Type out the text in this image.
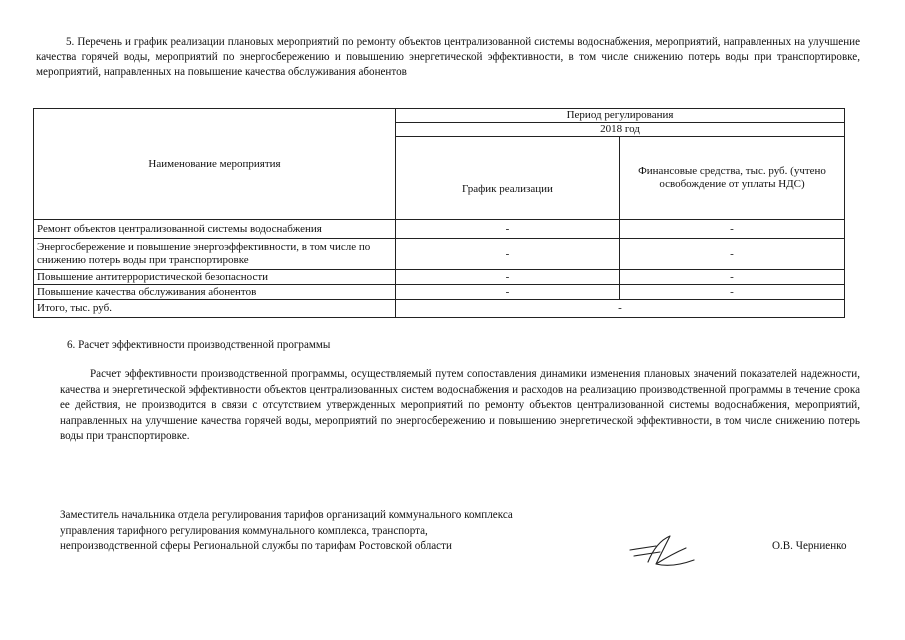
5. Перечень и график реализации плановых мероприятий по ремонту объектов централизованной системы водоснабжения, мероприятий, направленных на улучшение качества горячей воды, мероприятий по энергосбережению и повышению энергетической эффективности, в том числе снижению потерь воды при транспортировке, мероприятий, направленных на повышение качества обслуживания абонентов
Наименование мероприятия	Период регулирования	
	2018 год	
	График реализации	Финансовые средства, тыс. руб. (учтено освобождение от уплаты НДС)
Ремонт объектов централизованной системы водоснабжения	-	-
Энергосбережение и повышение энергоэффективности, в том числе по снижению потерь воды при транспортировке	-	-
Повышение антитеррористической безопасности	-	-
Повышение качества обслуживания абонентов	-	-
Итого, тыс. руб.	-	
6. Расчет эффективности производственной программы
Расчет эффективности производственной программы, осуществляемый путем сопоставления динамики изменения плановых значений показателей надежности, качества и энергетической эффективности объектов централизованных систем водоснабжения и расходов на реализацию производственной программы в течение срока ее действия, не производится в связи с отсутствием утвержденных мероприятий по ремонту объектов централизованной системы водоснабжения, мероприятий, направленных на улучшение качества горячей воды, мероприятий по энергосбережению и повышению энергетической эффективности, в том числе снижению потерь воды при транспортировке.
Заместитель начальника отдела регулирования тарифов организаций коммунального комплекса
управления тарифного регулирования коммунального комплекса, транспорта,
непроизводственной сферы Региональной службы по тарифам Ростовской области	О.В. Черниенко
